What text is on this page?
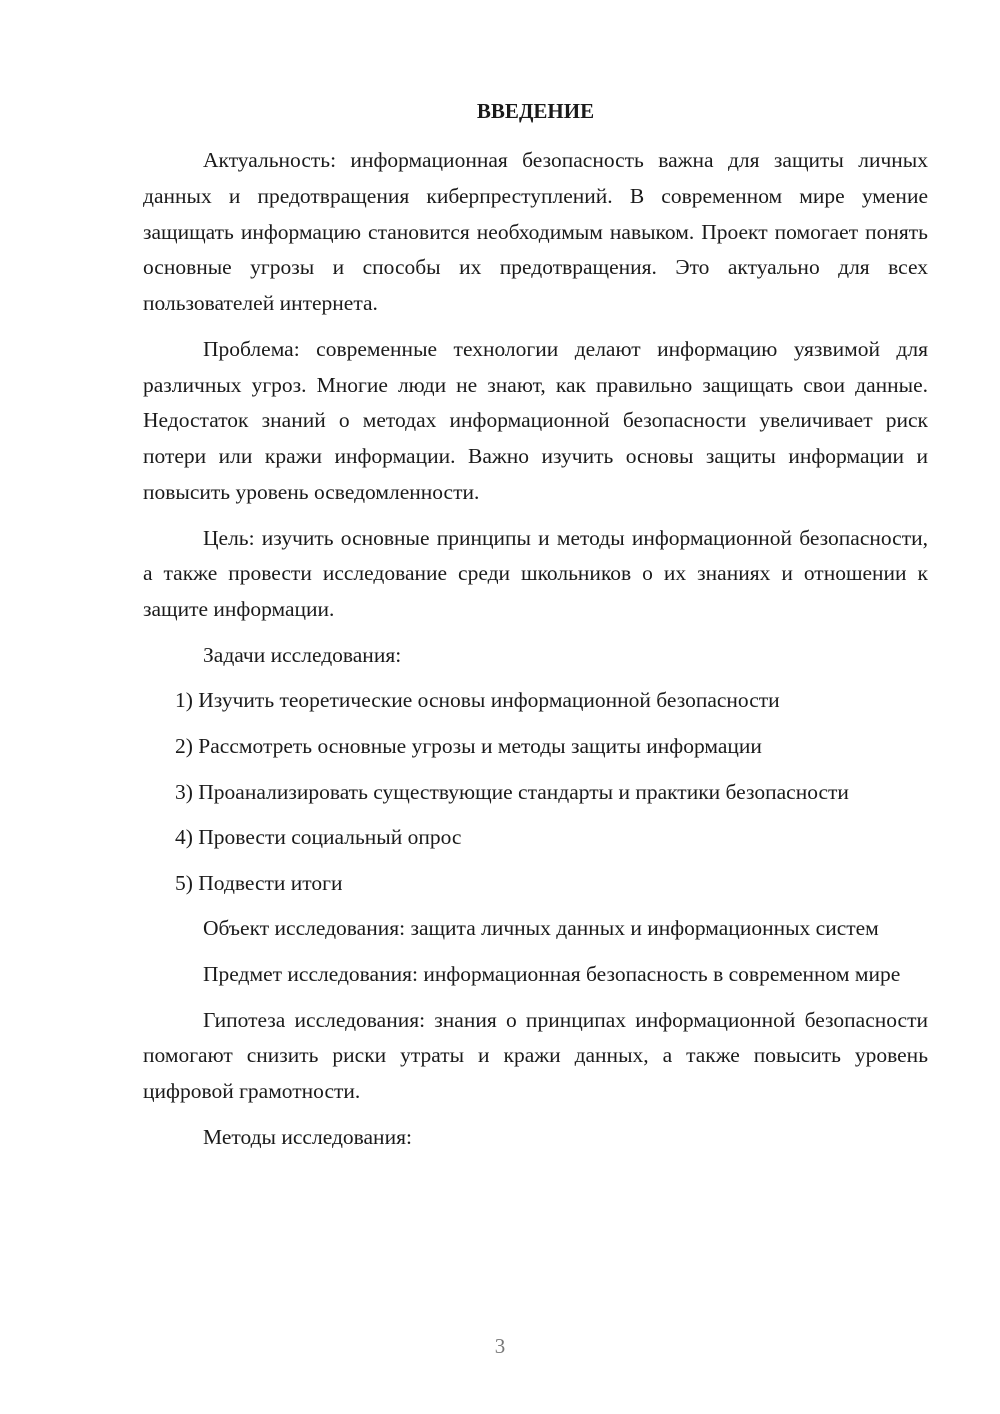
ВВЕДЕНИЕ

Актуальность: информационная безопасность важна для защиты личных данных и предотвращения киберпреступлений. В современном мире умение защищать информацию становится необходимым навыком. Проект помогает понять основные угрозы и способы их предотвращения. Это актуально для всех пользователей интернета.

Проблема: современные технологии делают информацию уязвимой для различных угроз. Многие люди не знают, как правильно защищать свои данные. Недостаток знаний о методах информационной безопасности увеличивает риск потери или кражи информации. Важно изучить основы защиты информации и повысить уровень осведомленности.

Цель: изучить основные принципы и методы информационной безопасности, а также провести исследование среди школьников о их знаниях и отношении к защите информации.

Задачи исследования:

1) Изучить теоретические основы информационной безопасности

2) Рассмотреть основные угрозы и методы защиты информации

3) Проанализировать существующие стандарты и практики безопасности

4) Провести социальный опрос

5) Подвести итоги

Объект исследования: защита личных данных и информационных систем

Предмет исследования: информационная безопасность в современном мире

Гипотеза исследования: знания о принципах информационной безопасности помогают снизить риски утраты и кражи данных, а также повысить уровень цифровой грамотности.

Методы исследования:

3
